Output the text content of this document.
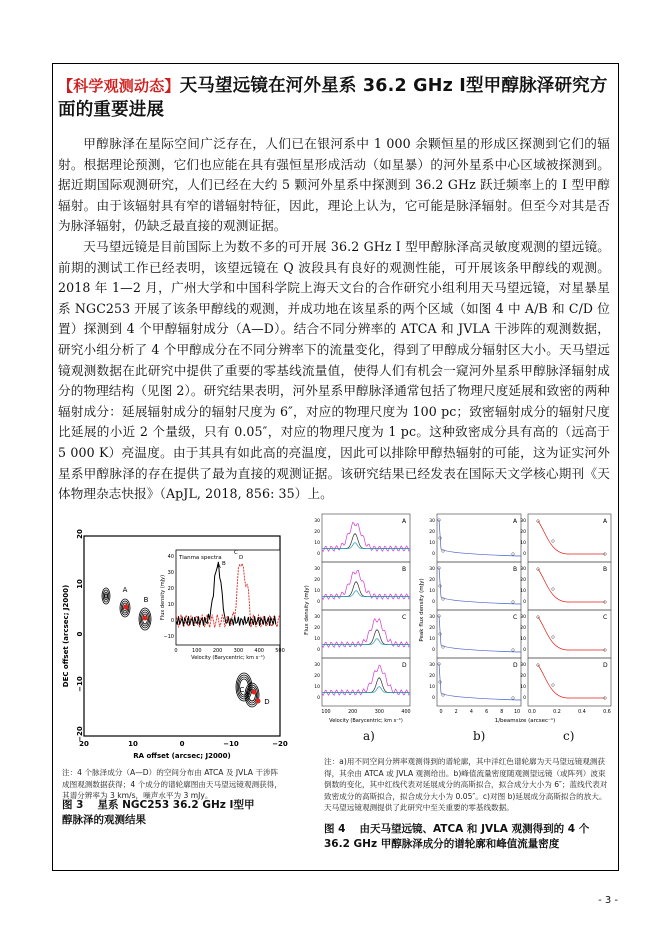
【科学观测动态】天马望远镜在河外星系 36.2 GHz Ⅰ型甲醇脉泽研究方面的重要进展

甲醇脉泽在星际空间广泛存在，人们已在银河系中 1 000 余颗恒星的形成区探测到它们的辐射。根据理论预测，它们也应能在具有强恒星形成活动（如星暴）的河外星系中心区域被探测到。据近期国际观测研究，人们已经在大约 5 颗河外星系中探测到 36.2 GHz 跃迁频率上的 I 型甲醇辐射。由于该辐射具有窄的谱辐射特征，因此，理论上认为，它可能是脉泽辐射。但至今对其是否为脉泽辐射，仍缺乏最直接的观测证据。

天马望远镜是目前国际上为数不多的可开展 36.2 GHz I 型甲醇脉泽高灵敏度观测的望远镜。前期的测试工作已经表明，该望远镜在 Q 波段具有良好的观测性能，可开展该条甲醇线的观测。2018 年 1—2 月，广州大学和中国科学院上海天文台的合作研究小组利用天马望远镜，对星暴星系 NGC253 开展了该条甲醇线的观测，并成功地在该星系的两个区域（如图 4 中 A/B 和 C/D 位置）探测到 4 个甲醇辐射成分（A—D）。结合不同分辨率的 ATCA 和 JVLA 干涉阵的观测数据，研究小组分析了 4 个甲醇成分在不同分辨率下的流量变化，得到了甲醇成分辐射区大小。天马望远镜观测数据在此研究中提供了重要的零基线流量值，使得人们有机会一窥河外星系甲醇脉泽辐射成分的物理结构（见图 2）。研究结果表明，河外星系甲醇脉泽通常包括了物理尺度延展和致密的两种辐射成分：延展辐射成分的辐射尺度为 6″，对应的物理尺度为 100 pc；致密辐射成分的辐射尺度比延展的小近 2 个量级，只有 0.05″，对应的物理尺度为 1 pc。这种致密成分具有高的（远高于 5 000 K）亮温度。由于其具有如此高的亮温度，因此可以排除甲醇热辐射的可能，这为证实河外星系甲醇脉泽的存在提供了最为直接的观测证据。该研究结果已经发表在国际天文学核心期刊《天体物理杂志快报》（ApJL, 2018, 856: 35）上。

20	10	0	−10	−20
20
10
0
−10
−20
RA offset (arcsec; J2000)
DEC offset (arcsec; J2000)	A
B
C
D
Tianma spectra
0	100 200 300 400 500
40
30
20
10
0
−10
Velocity (Barycentric; km s⁻¹)
Flux density (mJy)
A B
C
D
注：4 个脉泽成分（A—D）的空间分布由 ATCA 及 JVLA 干涉阵成图观测数据获得；4 个成分的谱轮廓图由天马望远镜观测获得，其谱分辨率为 3 km/s，噪声水平为 3 mJy。
图 3 星系 NGC253 36.2 GHz Ⅰ型甲醇脉泽的观测结果
A
30
20
10
0
B
30
20
10
0
C
30
20
10
0
D
30
20
10
0
100	200	300	400
A
30
20
10
0
B
30
20
10
0
C
30
20
10
0
D
30
20
10
0
0	2	4	6	8 10
A
30
20
10
0
B
30
20
10
0
C
30
20
10
0
D
30
20
10
0
0.0	0.2	0.4	0.6
Velocity (Barycentric; km s⁻¹)
Flux density (mJy)
1/beamsize (arcsec⁻¹)
Peak flux density (mJy)
a)	b)	c)
注：a)用不同空间分辨率观测得到的谱轮廓，其中洋红色谱轮廓为天马望远镜观测获得，其余由 ATCA 或 JVLA 观测给出。b)峰值流量密度随观测望远镜（或阵列）波束倒数的变化，其中红线代表对延展成分的高斯拟合，拟合成分大小为 6″；蓝线代表对致密成分的高斯拟合，拟合成分大小为 0.05″。c)对图 b)延展成分高斯拟合的放大。天马望远镜观测提供了此研究中至关重要的零基线数据。
图 4 由天马望远镜、ATCA 和 JVLA 观测得到的 4 个 36.2 GHz 甲醇脉泽成分的谱轮廓和峰值流量密度
- 3 -
